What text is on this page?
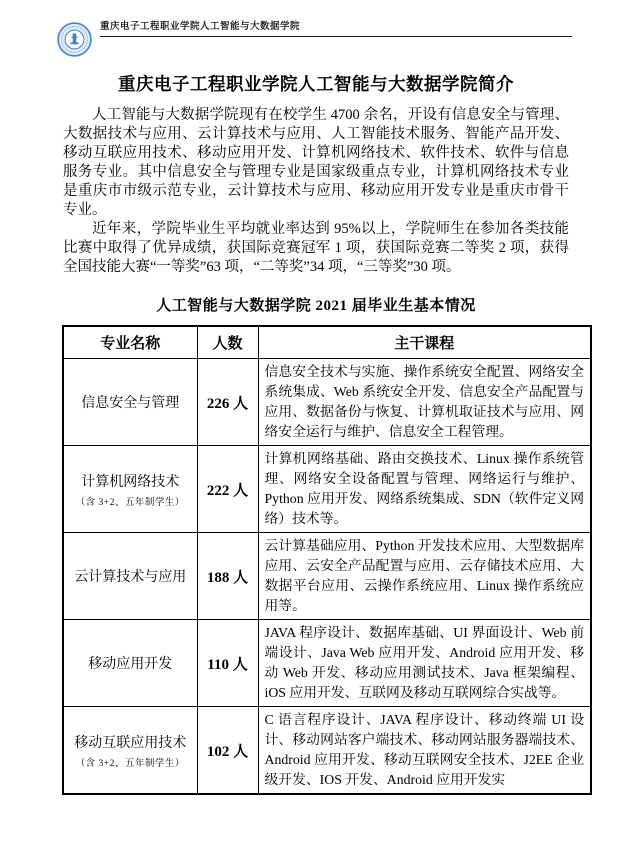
重庆电子工程职业学院人工智能与大数据学院
重庆电子工程职业学院人工智能与大数据学院简介

人工智能与大数据学院现有在校学生 4700 余名，开设有信息安全与管理、大数据技术与应用、云计算技术与应用、人工智能技术服务、智能产品开发、移动互联应用技术、移动应用开发、计算机网络技术、软件技术、软件与信息服务专业。其中信息安全与管理专业是国家级重点专业，计算机网络技术专业是重庆市市级示范专业，云计算技术与应用、移动应用开发专业是重庆市骨干专业。

近年来，学院毕业生平均就业率达到 95%以上，学院师生在参加各类技能比赛中取得了优异成绩，获国际竞赛冠军 1 项，获国际竞赛二等奖 2 项，获得全国技能大赛“一等奖”63 项，“二等奖”34 项，“三等奖”30 项。

人工智能与大数据学院 2021 届毕业生基本情况
专业名称	人数	主干课程

信息安全与管理	226 人	信息安全技术与实施、操作系统安全配置、网络安全系统集成、Web 系统安全开发、信息安全产品配置与应用、数据备份与恢复、计算机取证技术与应用、网络安全运行与维护、信息安全工程管理。

计算机网络技术
（含 3+2、五年制学生）	222 人	计算机网络基础、路由交换技术、Linux 操作系统管理、网络安全设备配置与管理、网络运行与维护、Python 应用开发、网络系统集成、SDN（软件定义网络）技术等。

云计算技术与应用	188 人	云计算基础应用、Python 开发技术应用、大型数据库应用、云安全产品配置与应用、云存储技术应用、大数据平台应用、云操作系统应用、Linux 操作系统应用等。

移动应用开发	110 人	JAVA 程序设计、数据库基础、UI 界面设计、Web 前端设计、Java Web 应用开发、Android 应用开发、移动 Web 开发、移动应用测试技术、Java 框架编程、iOS 应用开发、互联网及移动互联网综合实战等。

移动互联应用技术
（含 3+2、五年制学生）	102 人	C 语言程序设计、JAVA 程序设计、移动终端 UI 设计、移动网站客户端技术、移动网站服务器端技术、Android 应用开发、移动互联网安全技术、J2EE 企业级开发、IOS 开发、Android 应用开发实
